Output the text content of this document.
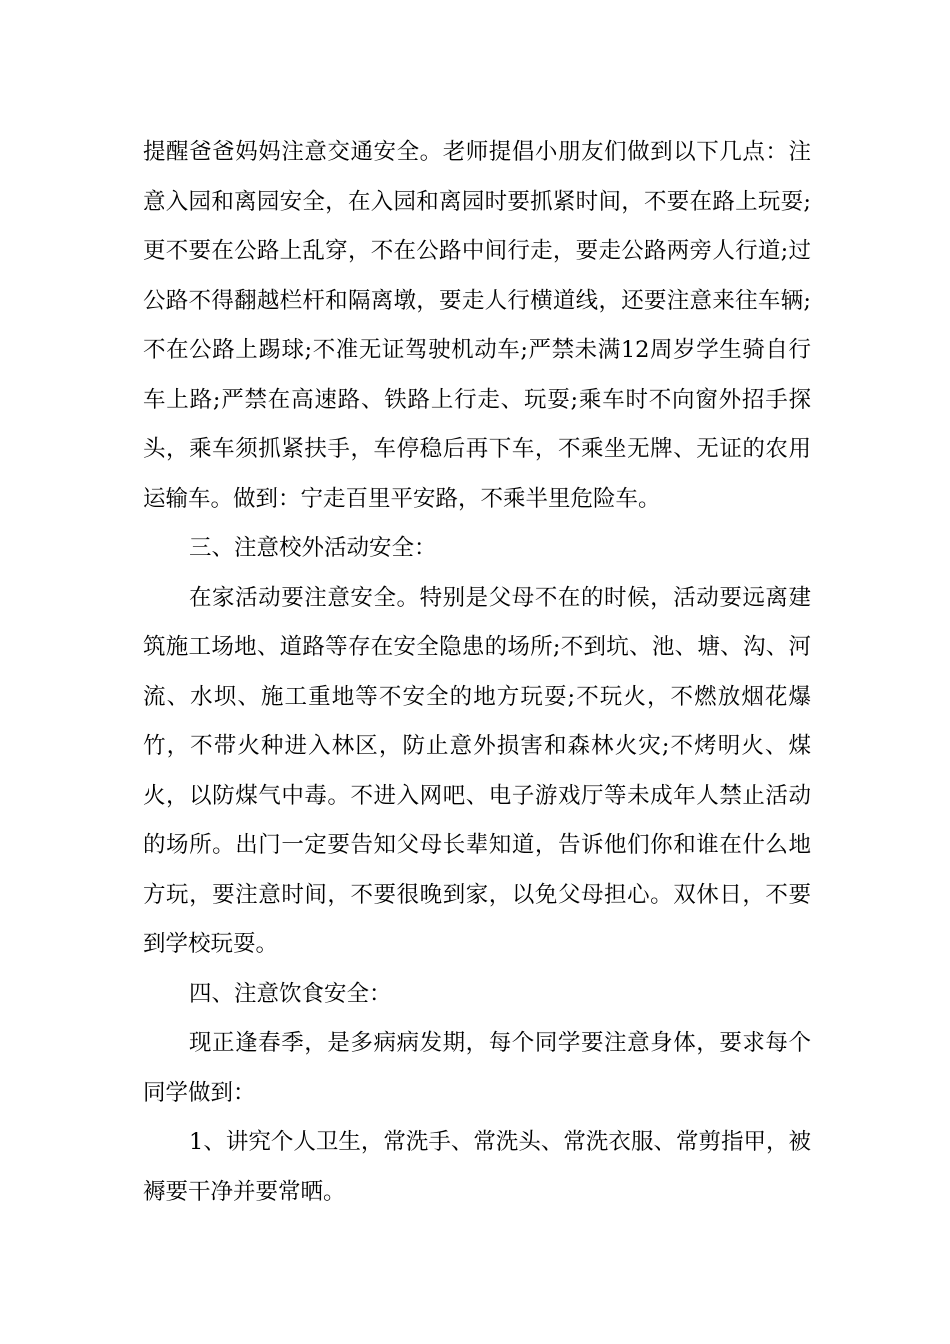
提醒爸爸妈妈注意交通安全。老师提倡小朋友们做到以下几点：注意入园和离园安全，在入园和离园时要抓紧时间，不要在路上玩耍;更不要在公路上乱穿，不在公路中间行走，要走公路两旁人行道;过公路不得翻越栏杆和隔离墩，要走人行横道线，还要注意来往车辆;不在公路上踢球;不准无证驾驶机动车;严禁未满12周岁学生骑自行车上路;严禁在高速路、铁路上行走、玩耍;乘车时不向窗外招手探头，乘车须抓紧扶手，车停稳后再下车，不乘坐无牌、无证的农用运输车。做到：宁走百里平安路，不乘半里危险车。

三、注意校外活动安全：

在家活动要注意安全。特别是父母不在的时候，活动要远离建筑施工场地、道路等存在安全隐患的场所;不到坑、池、塘、沟、河流、水坝、施工重地等不安全的地方玩耍;不玩火，不燃放烟花爆竹，不带火种进入林区，防止意外损害和森林火灾;不烤明火、煤火，以防煤气中毒。不进入网吧、电子游戏厅等未成年人禁止活动的场所。出门一定要告知父母长辈知道，告诉他们你和谁在什么地方玩，要注意时间，不要很晚到家，以免父母担心。双休日，不要到学校玩耍。

四、注意饮食安全：

现正逢春季，是多病病发期，每个同学要注意身体，要求每个同学做到：

1、讲究个人卫生，常洗手、常洗头、常洗衣服、常剪指甲，被褥要干净并要常晒。
